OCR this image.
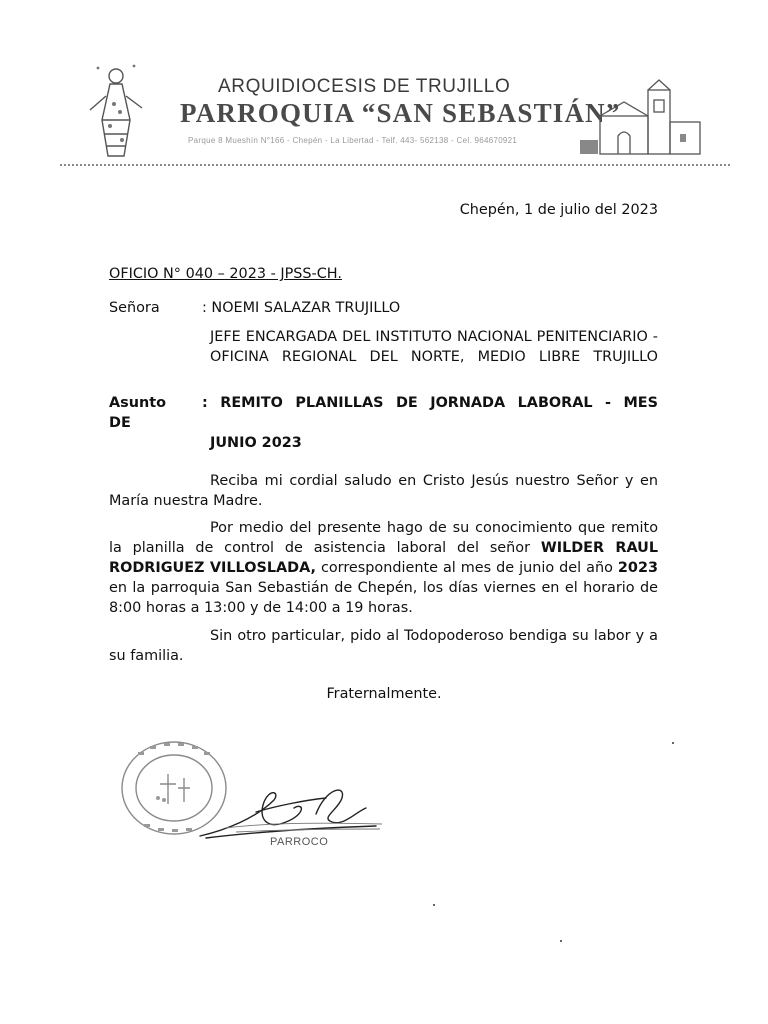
ARQUIDIOCESIS DE TRUJILLO
PARROQUIA “SAN SEBASTIÁN”
Parque 8 Mueshín N°166 - Chepén - La Libertad - Telf. 443- 562138 - Cel. 964670921
Chepén, 1 de julio del 2023
OFICIO N° 040 – 2023 - JPSS-CH.
Señora	: NOEMI SALAZAR TRUJILLO
JEFE ENCARGADA DEL INSTITUTO NACIONAL PENITENCIARIO - OFICINA REGIONAL DEL NORTE, MEDIO LIBRE TRUJILLO
Asunto
DE
: REMITO PLANILLAS DE JORNADA LABORAL - MES
JUNIO 2023
Reciba mi cordial saludo en Cristo Jesús nuestro Señor y en María nuestra Madre.
Por medio del presente hago de su conocimiento que remito la planilla de control de asistencia laboral del señor WILDER RAUL RODRIGUEZ VILLOSLADA, correspondiente al mes de junio del año 2023 en la parroquia San Sebastián de Chepén, los días viernes en el horario de 8:00 horas a 13:00 y de 14:00 a 19 horas.
Sin otro particular, pido al Todopoderoso bendiga su labor y a su familia.
Fraternalmente.
PARROCO
